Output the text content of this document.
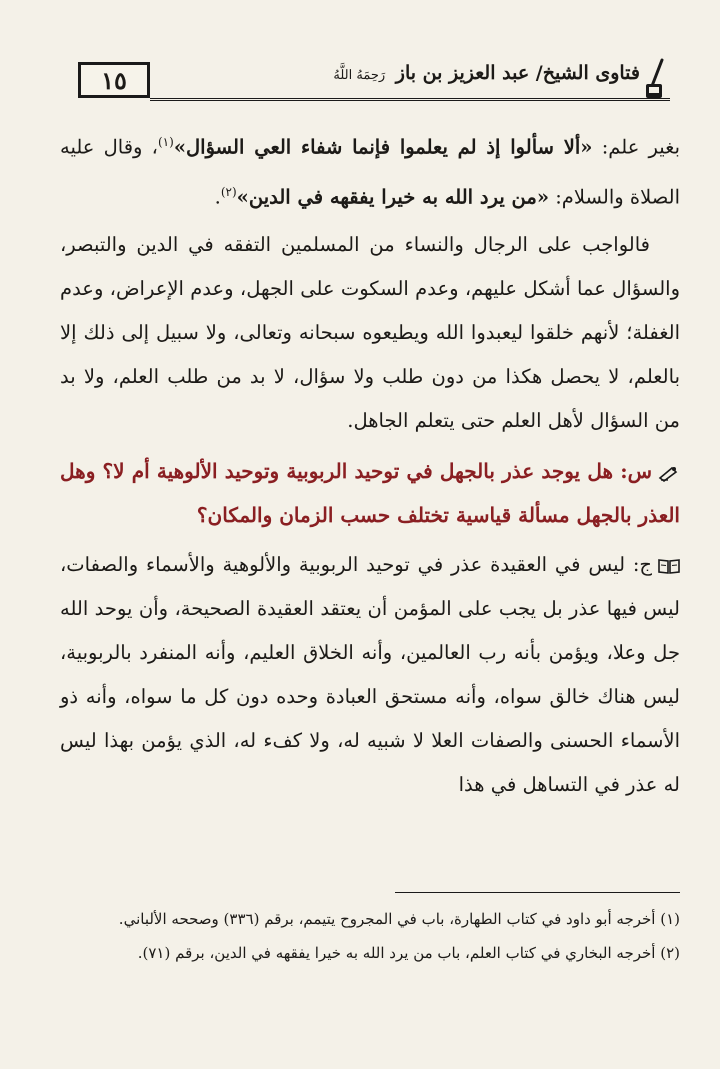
١٥	فتاوى الشيخ/ عبد العزيز بن باز رَحِمَهُ اللَّهُ

بغير علم: «ألا سألوا إذ لم يعلموا فإنما شفاء العي السؤال»$^{(١)}$، وقال عليه الصلاة والسلام: «من يرد الله به خيرا يفقهه في الدين»$^{(٢)}$.

فالواجب على الرجال والنساء من المسلمين التفقه في الدين والتبصر، والسؤال عما أشكل عليهم، وعدم السكوت على الجهل، وعدم الإعراض، وعدم الغفلة؛ لأنهم خلقوا ليعبدوا الله ويطيعوه سبحانه وتعالى، ولا سبيل إلى ذلك إلا بالعلم، لا يحصل هكذا من دون طلب ولا سؤال، لا بد من طلب العلم، ولا بد من السؤال لأهل العلم حتى يتعلم الجاهل.

س: هل يوجد عذر بالجهل في توحيد الربوبية وتوحيد الألوهية أم لا؟ وهل العذر بالجهل مسألة قياسية تختلف حسب الزمان والمكان؟

ج: ليس في العقيدة عذر في توحيد الربوبية والألوهية والأسماء والصفات، ليس فيها عذر بل يجب على المؤمن أن يعتقد العقيدة الصحيحة، وأن يوحد الله جل وعلا، ويؤمن بأنه رب العالمين، وأنه الخلاق العليم، وأنه المنفرد بالربوبية، ليس هناك خالق سواه، وأنه مستحق العبادة وحده دون كل ما سواه، وأنه ذو الأسماء الحسنى والصفات العلا لا شبيه له، ولا كفء له، الذي يؤمن بهذا ليس له عذر في التساهل في هذا

(١) أخرجه أبو داود في كتاب الطهارة، باب في المجروح يتيمم، برقم (٣٣٦) وصححه الألباني.

(٢) أخرجه البخاري في كتاب العلم، باب من يرد الله به خيرا يفقهه في الدين، برقم (٧١).
